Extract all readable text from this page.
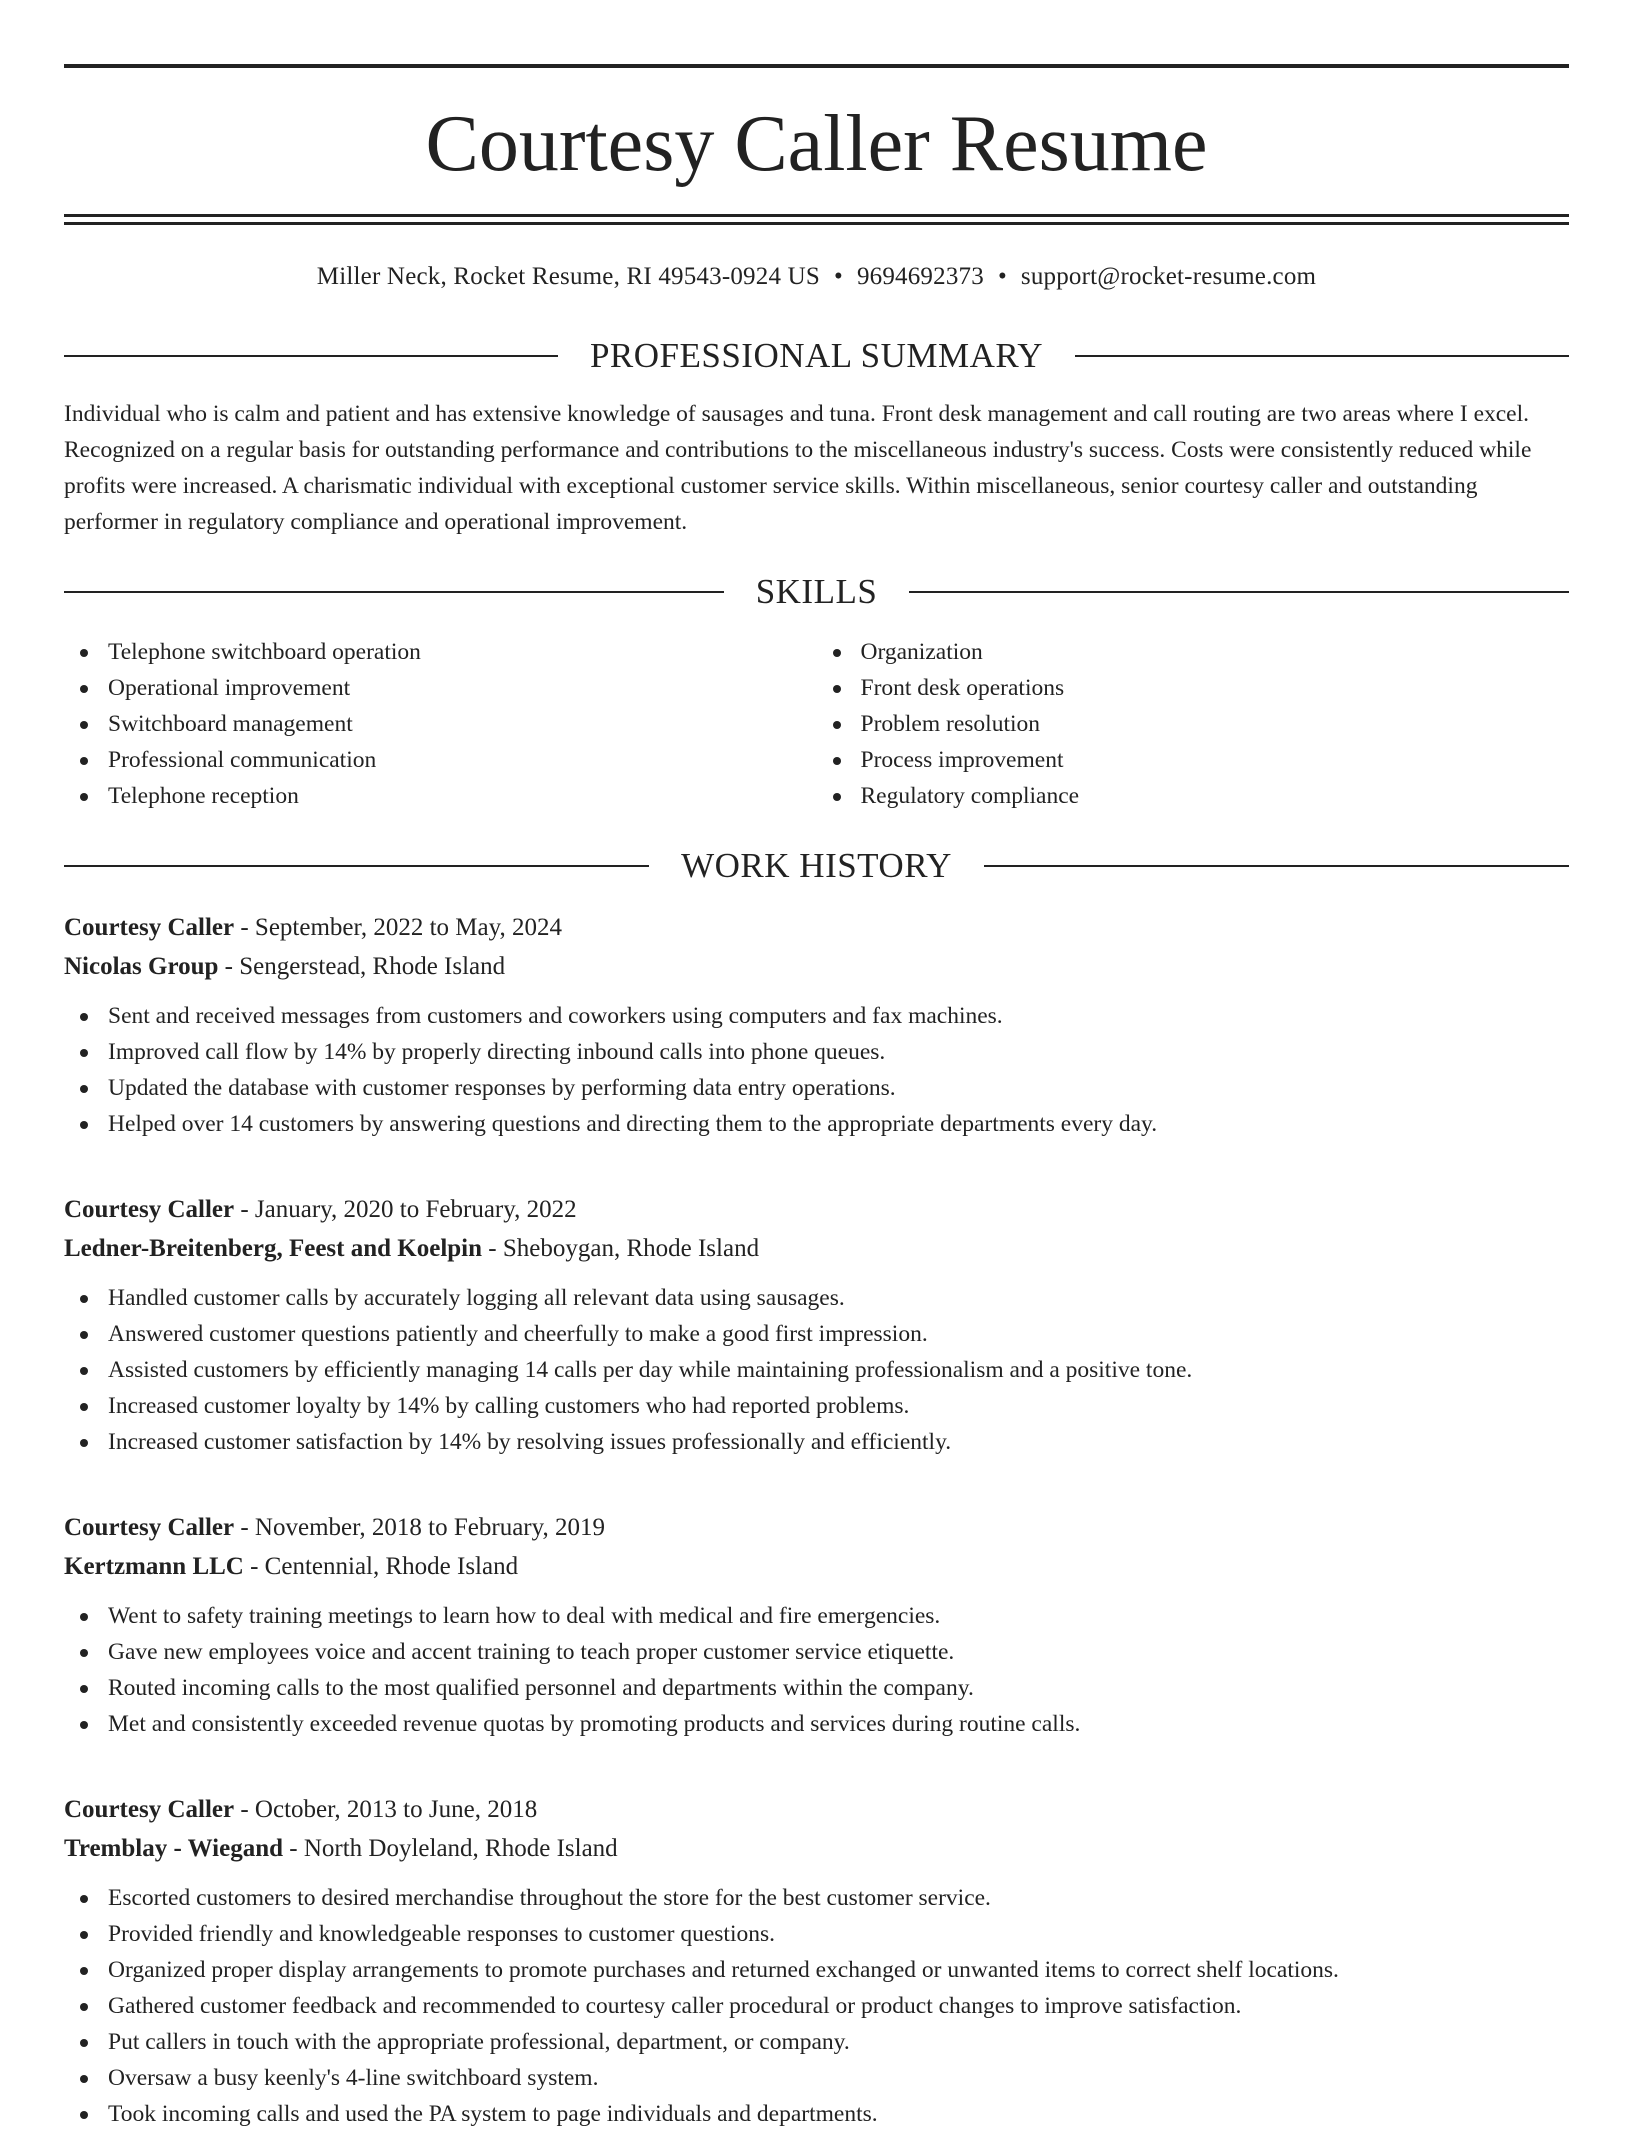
Courtesy Caller Resume
Miller Neck, Rocket Resume, RI 49543-0924 US • 9694692373 • support@rocket-resume.com
PROFESSIONAL SUMMARY

Individual who is calm and patient and has extensive knowledge of sausages and tuna. Front desk management and call routing are two areas where I excel. Recognized on a regular basis for outstanding performance and contributions to the miscellaneous industry's success. Costs were consistently reduced while profits were increased. A charismatic individual with exceptional customer service skills. Within miscellaneous, senior courtesy caller and outstanding performer in regulatory compliance and operational improvement.

SKILLS
Telephone switchboard operation
Operational improvement
Switchboard management
Professional communication
Telephone reception
Organization
Front desk operations
Problem resolution
Process improvement
Regulatory compliance
WORK HISTORY
Courtesy Caller - September, 2022 to May, 2024
Nicolas Group - Sengerstead, Rhode Island
Sent and received messages from customers and coworkers using computers and fax machines.
Improved call flow by 14% by properly directing inbound calls into phone queues.
Updated the database with customer responses by performing data entry operations.
Helped over 14 customers by answering questions and directing them to the appropriate departments every day.
Courtesy Caller - January, 2020 to February, 2022
Ledner-Breitenberg, Feest and Koelpin - Sheboygan, Rhode Island
Handled customer calls by accurately logging all relevant data using sausages.
Answered customer questions patiently and cheerfully to make a good first impression.
Assisted customers by efficiently managing 14 calls per day while maintaining professionalism and a positive tone.
Increased customer loyalty by 14% by calling customers who had reported problems.
Increased customer satisfaction by 14% by resolving issues professionally and efficiently.
Courtesy Caller - November, 2018 to February, 2019
Kertzmann LLC - Centennial, Rhode Island
Went to safety training meetings to learn how to deal with medical and fire emergencies.
Gave new employees voice and accent training to teach proper customer service etiquette.
Routed incoming calls to the most qualified personnel and departments within the company.
Met and consistently exceeded revenue quotas by promoting products and services during routine calls.
Courtesy Caller - October, 2013 to June, 2018
Tremblay - Wiegand - North Doyleland, Rhode Island
Escorted customers to desired merchandise throughout the store for the best customer service.
Provided friendly and knowledgeable responses to customer questions.
Organized proper display arrangements to promote purchases and returned exchanged or unwanted items to correct shelf locations.
Gathered customer feedback and recommended to courtesy caller procedural or product changes to improve satisfaction.
Put callers in touch with the appropriate professional, department, or company.
Oversaw a busy keenly's 4-line switchboard system.
Took incoming calls and used the PA system to page individuals and departments.
